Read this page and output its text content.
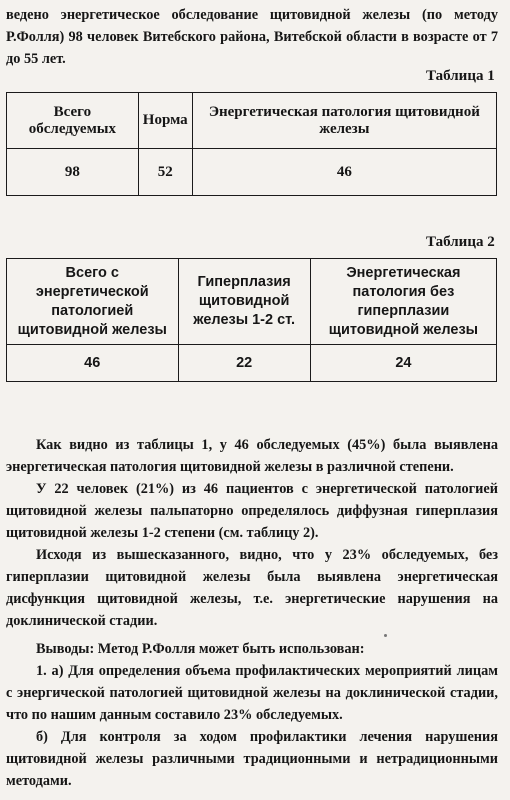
ведено энергетическое обследование щитовидной железы (по методу Р.Фолля) 98 человек Витебского района, Витебской области в возрасте от 7 до 55 лет.
Таблица 1
Всего обследуемых	Норма	Энергетическая патология щитовидной железы
98	52	46
Таблица 2
Всего с энергетической патологией щитовидной железы	Гиперплазия щитовидной железы 1-2 ст.	Энергетическая патология без гиперплазии щитовидной железы
46	22	24

Как видно из таблицы 1, у 46 обследуемых (45%) была выявлена энергетическая патология щитовидной железы в различной степени.

У 22 человек (21%) из 46 пациентов с энергетической патологией щитовидной железы пальпаторно определялось диффузная гиперплазия щитовидной железы 1-2 степени (см. таблицу 2).

Исходя из вышесказанного, видно, что у 23% обследуемых, без гиперплазии щитовидной железы была выявлена энергетическая дисфункция щитовидной железы, т.е. энергетические нарушения на доклинической стадии.

Выводы: Метод Р.Фолля может быть использован:

1. а) Для определения объема профилактических мероприятий лицам с энергической патологией щитовидной железы на доклинической стадии, что по нашим данным составило 23% обследуемых.

б) Для контроля за ходом профилактики лечения нарушения щитовидной железы различными традиционными и нетрадиционными методами.
